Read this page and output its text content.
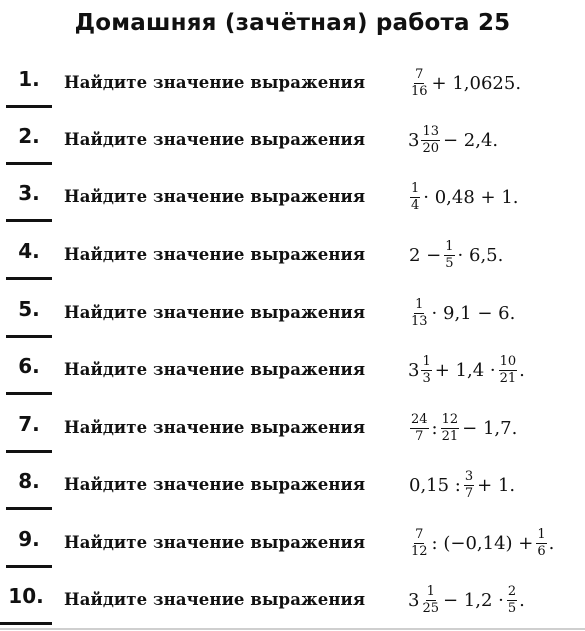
Домашняя (зачётная) работа 25
1.	Найдите значение выражения	$\frac{7}{16} + 1,0625$.
2.	Найдите значение выражения $3 \frac{13}{20} - 2,4$.
3.	Найдите значение выражения	$\frac{1}{4} \cdot 0,48 + 1$.
4.	Найдите значение выражения $2 - \frac{1}{5} \cdot 6,5$.
5.	Найдите значение выражения	$\frac{1}{13} \cdot 9,1 - 6$.
6.	Найдите значение выражения $3 \frac{1}{3} + 1,4 \cdot \frac{10}{21}$ .
7.	Найдите значение выражения	$\frac{24}{7}$ : $\frac{12}{21} - 1,7$.
8.	Найдите значение выражения 0,15 : $\frac{3}{7} + 1$.
9.	Найдите значение выражения	$\frac{7}{12}$ : $(-0,14) + \frac{1}{6}$ .
10.	Найдите значение выражения $3 \frac{1}{25} - 1,2 \cdot \frac{2}{5}$ .
